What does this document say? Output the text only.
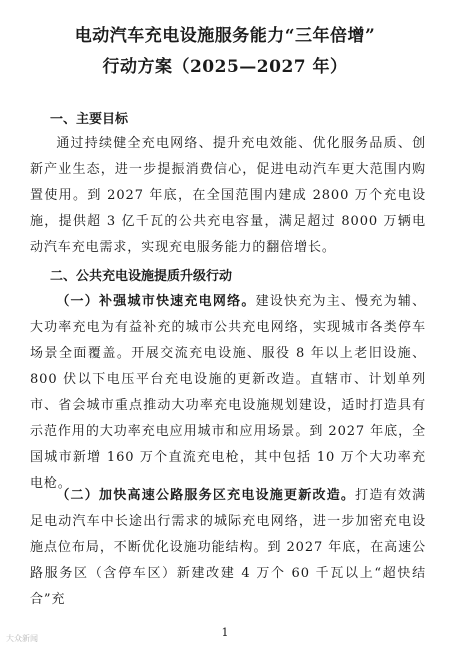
电动汽车充电设施服务能力“三年倍增”
行动方案（2025—2027 年）
一、主要目标
通过持续健全充电网络、提升充电效能、优化服务品质、创新产业生态，进一步提振消费信心，促进电动汽车更大范围内购置使用。到 2027 年底，在全国范围内建成 2800 万个充电设施，提供超 3 亿千瓦的公共充电容量，满足超过 8000 万辆电动汽车充电需求，实现充电服务能力的翻倍增长。
二、公共充电设施提质升级行动
（一）补强城市快速充电网络。建设快充为主、慢充为辅、大功率充电为有益补充的城市公共充电网络，实现城市各类停车场景全面覆盖。开展交流充电设施、服役 8 年以上老旧设施、800 伏以下电压平台充电设施的更新改造。直辖市、计划单列市、省会城市重点推动大功率充电设施规划建设，适时打造具有示范作用的大功率充电应用城市和应用场景。到 2027 年底，全国城市新增 160 万个直流充电枪，其中包括 10 万个大功率充电枪。
（二）加快高速公路服务区充电设施更新改造。打造有效满足电动汽车中长途出行需求的城际充电网络，进一步加密充电设施点位布局，不断优化设施功能结构。到 2027 年底，在高速公路服务区（含停车区）新建改建 4 万个 60 千瓦以上“超快结合”充
1
大众新闻
